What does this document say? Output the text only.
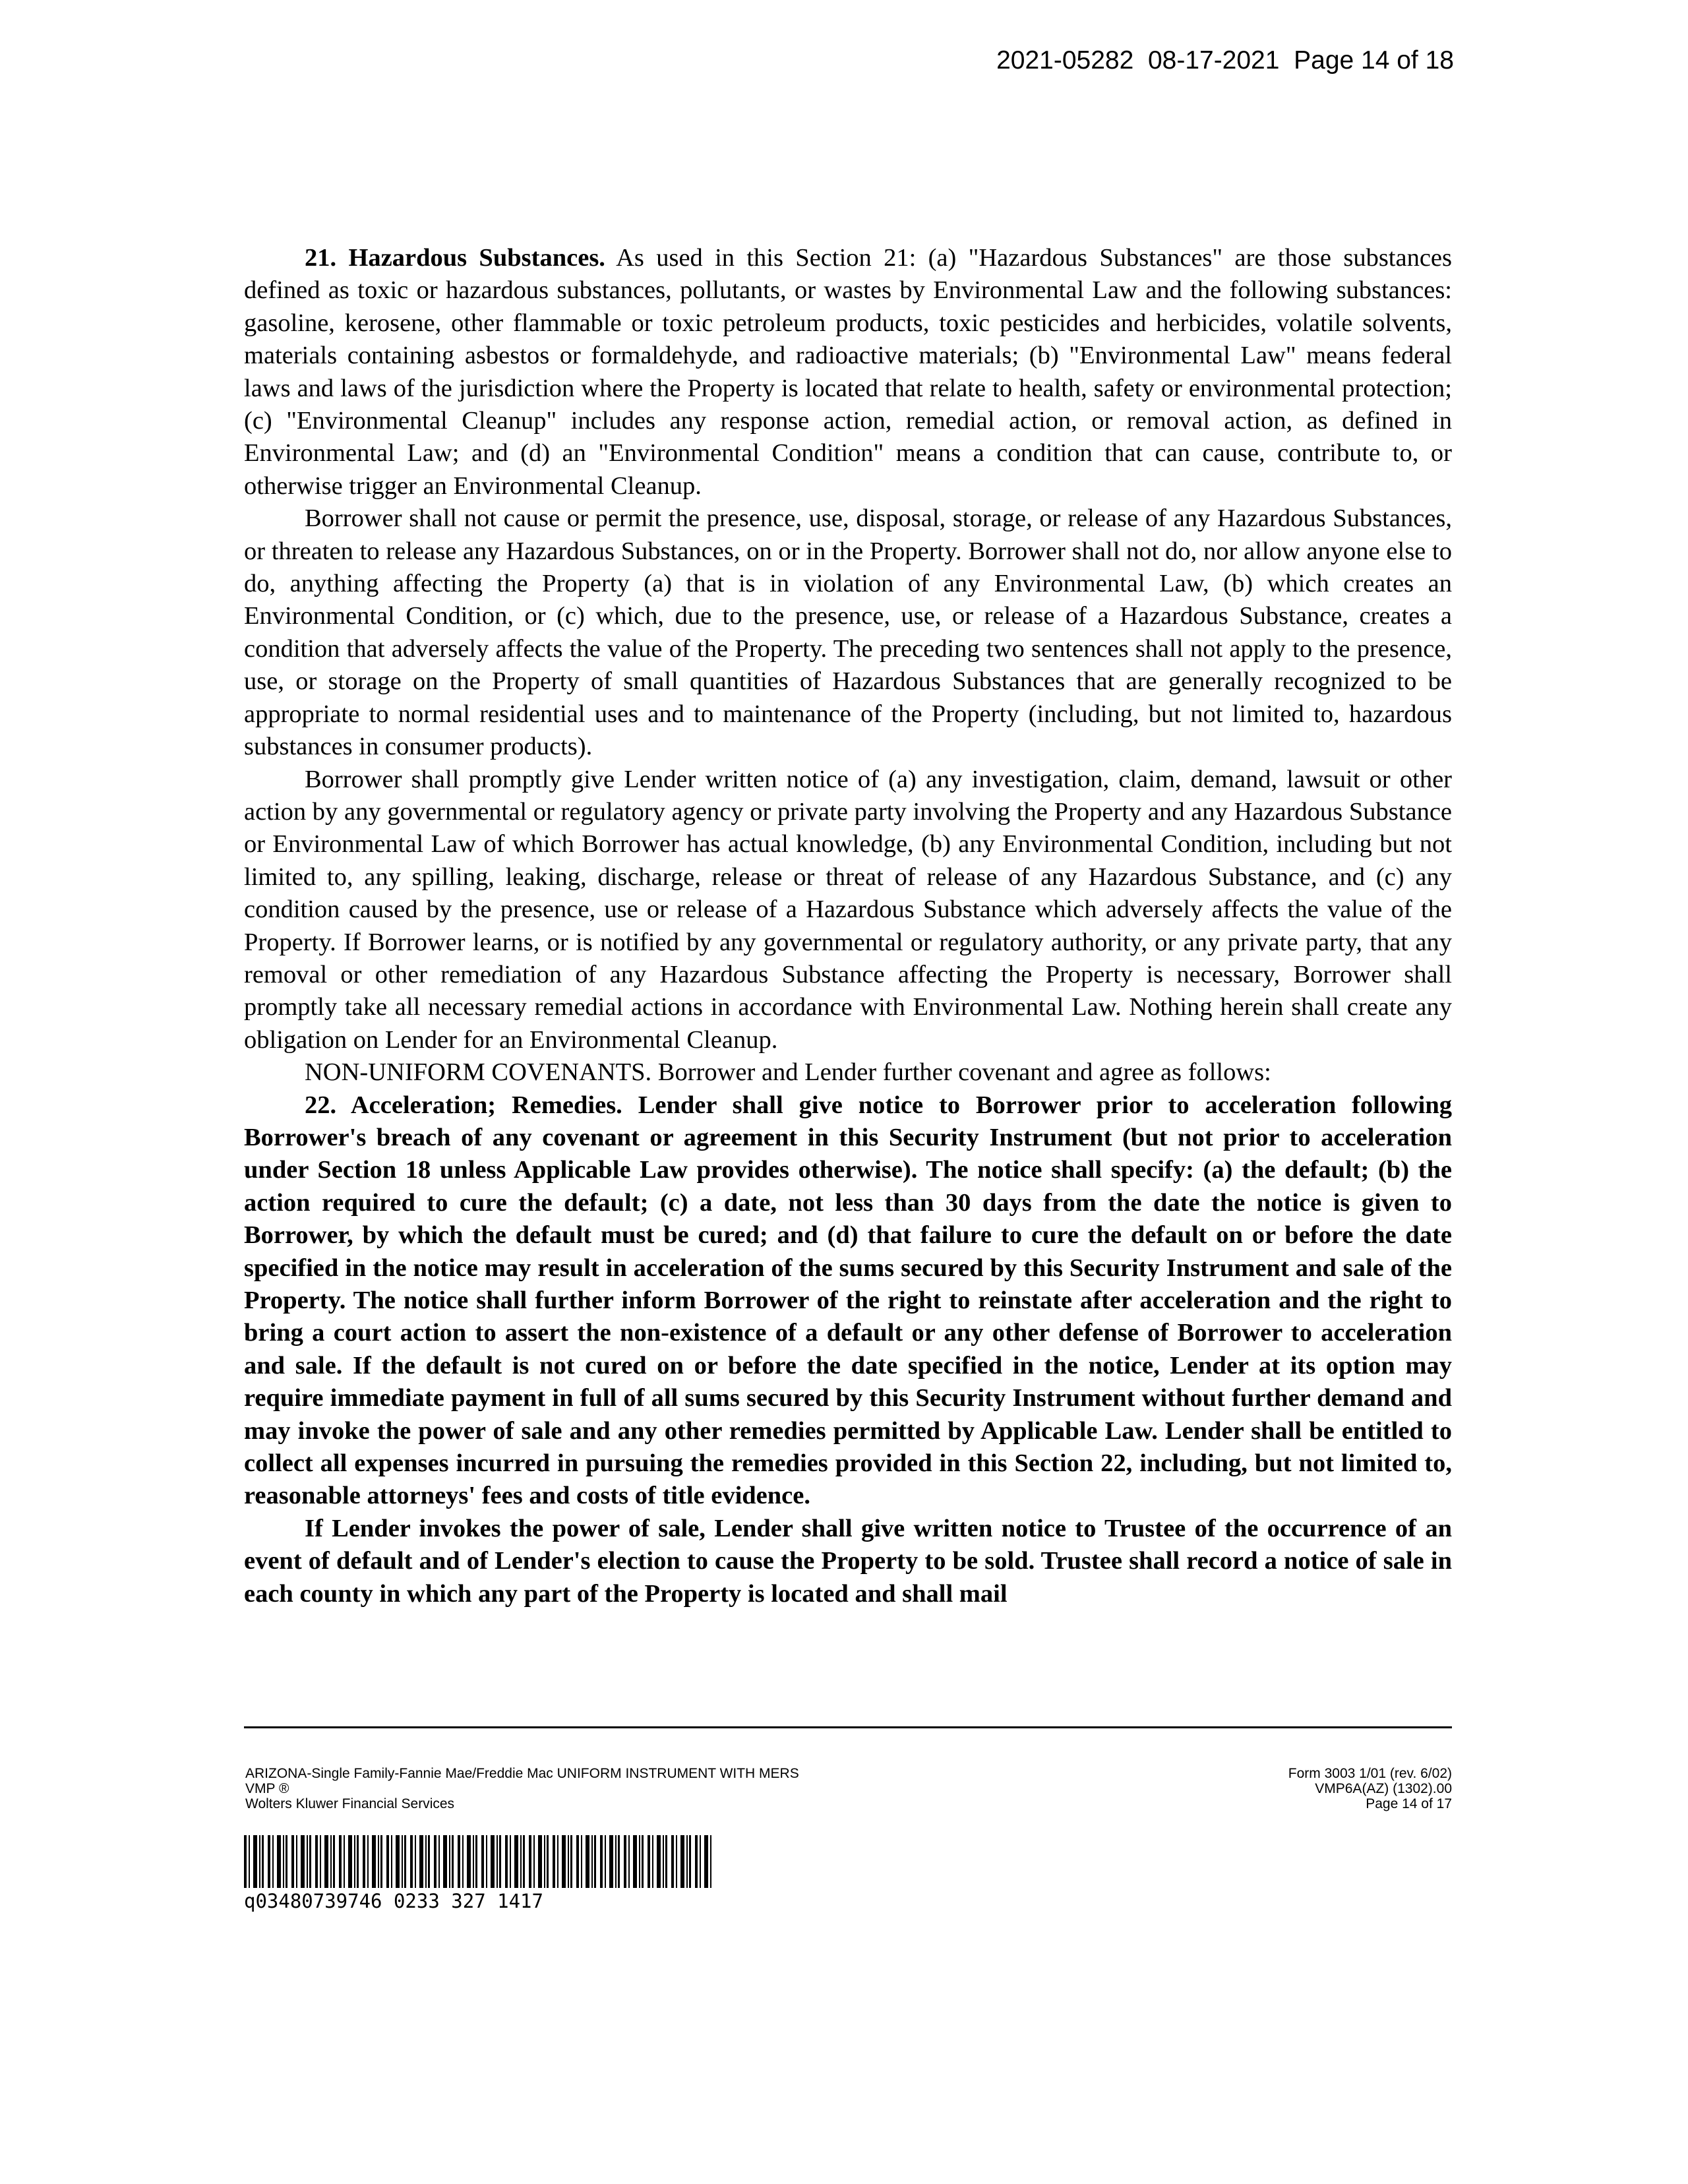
2021-05282  08-17-2021  Page 14 of 18

21. Hazardous Substances. As used in this Section 21: (a) "Hazardous Substances" are those substances defined as toxic or hazardous substances, pollutants, or wastes by Environmental Law and the following substances: gasoline, kerosene, other flammable or toxic petroleum products, toxic pesticides and herbicides, volatile solvents, materials containing asbestos or formaldehyde, and radioactive materials; (b) "Environmental Law" means federal laws and laws of the jurisdiction where the Property is located that relate to health, safety or environmental protection; (c) "Environmental Cleanup" includes any response action, remedial action, or removal action, as defined in Environmental Law; and (d) an "Environmental Condition" means a condition that can cause, contribute to, or otherwise trigger an Environmental Cleanup.

Borrower shall not cause or permit the presence, use, disposal, storage, or release of any Hazardous Substances, or threaten to release any Hazardous Substances, on or in the Property. Borrower shall not do, nor allow anyone else to do, anything affecting the Property (a) that is in violation of any Environmental Law, (b) which creates an Environmental Condition, or (c) which, due to the presence, use, or release of a Hazardous Substance, creates a condition that adversely affects the value of the Property. The preceding two sentences shall not apply to the presence, use, or storage on the Property of small quantities of Hazardous Substances that are generally recognized to be appropriate to normal residential uses and to maintenance of the Property (including, but not limited to, hazardous substances in consumer products).

Borrower shall promptly give Lender written notice of (a) any investigation, claim, demand, lawsuit or other action by any governmental or regulatory agency or private party involving the Property and any Hazardous Substance or Environmental Law of which Borrower has actual knowledge, (b) any Environmental Condition, including but not limited to, any spilling, leaking, discharge, release or threat of release of any Hazardous Substance, and (c) any condition caused by the presence, use or release of a Hazardous Substance which adversely affects the value of the Property. If Borrower learns, or is notified by any governmental or regulatory authority, or any private party, that any removal or other remediation of any Hazardous Substance affecting the Property is necessary, Borrower shall promptly take all necessary remedial actions in accordance with Environmental Law. Nothing herein shall create any obligation on Lender for an Environmental Cleanup.

NON-UNIFORM COVENANTS. Borrower and Lender further covenant and agree as follows:

22. Acceleration; Remedies. Lender shall give notice to Borrower prior to acceleration following Borrower's breach of any covenant or agreement in this Security Instrument (but not prior to acceleration under Section 18 unless Applicable Law provides otherwise). The notice shall specify: (a) the default; (b) the action required to cure the default; (c) a date, not less than 30 days from the date the notice is given to Borrower, by which the default must be cured; and (d) that failure to cure the default on or before the date specified in the notice may result in acceleration of the sums secured by this Security Instrument and sale of the Property. The notice shall further inform Borrower of the right to reinstate after acceleration and the right to bring a court action to assert the non-existence of a default or any other defense of Borrower to acceleration and sale. If the default is not cured on or before the date specified in the notice, Lender at its option may require immediate payment in full of all sums secured by this Security Instrument without further demand and may invoke the power of sale and any other remedies permitted by Applicable Law. Lender shall be entitled to collect all expenses incurred in pursuing the remedies provided in this Section 22, including, but not limited to, reasonable attorneys' fees and costs of title evidence.

If Lender invokes the power of sale, Lender shall give written notice to Trustee of the occurrence of an event of default and of Lender's election to cause the Property to be sold. Trustee shall record a notice of sale in each county in which any part of the Property is located and shall mail

ARIZONA-Single Family-Fannie Mae/Freddie Mac UNIFORM INSTRUMENT WITH MERS
VMP ®
Wolters Kluwer Financial Services
Form 3003 1/01 (rev. 6/02)
VMP6A(AZ) (1302).00
Page 14 of 17
q03480739746 0233 327 1417
